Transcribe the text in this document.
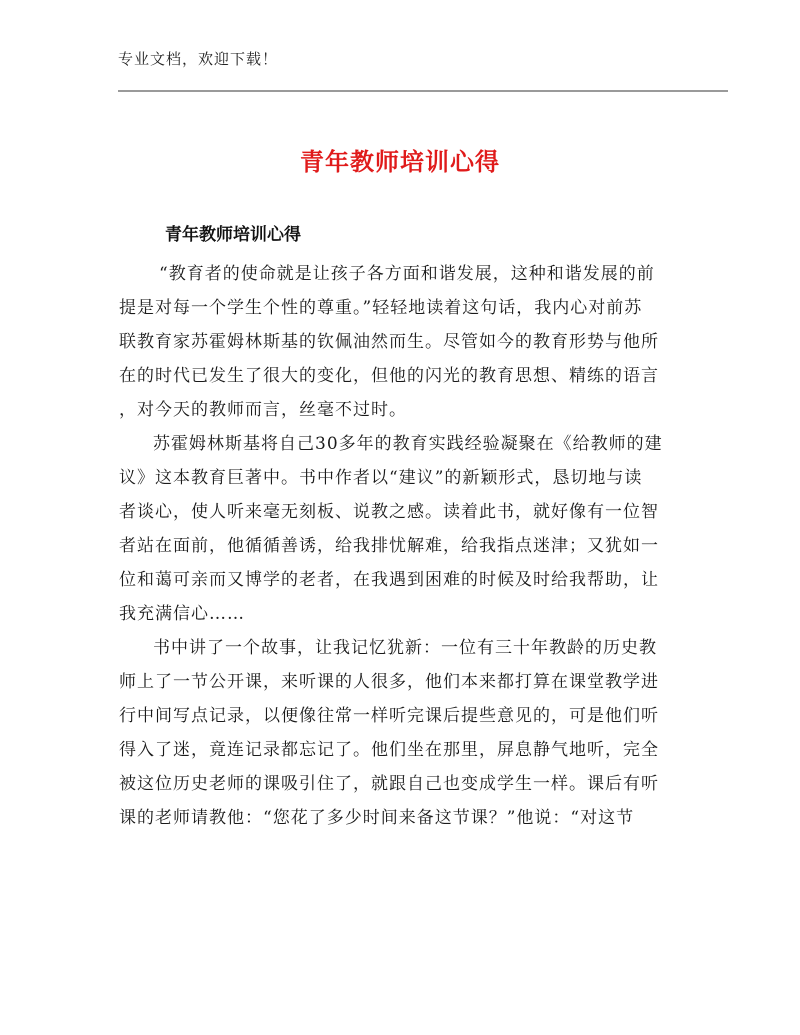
专业文档，欢迎下载！
青年教师培训心得
青年教师培训心得
“教育者的使命就是让孩子各方面和谐发展，这种和谐发展的前
提是对每一个学生个性的尊重。”轻轻地读着这句话，我内心对前苏
联教育家苏霍姆林斯基的钦佩油然而生。尽管如今的教育形势与他所
在的时代已发生了很大的变化，但他的闪光的教育思想、精练的语言
，对今天的教师而言，丝毫不过时。
苏霍姆林斯基将自己30多年的教育实践经验凝聚在《给教师的建
议》这本教育巨著中。书中作者以“建议”的新颖形式，恳切地与读
者谈心，使人听来毫无刻板、说教之感。读着此书，就好像有一位智
者站在面前，他循循善诱，给我排忧解难，给我指点迷津；又犹如一
位和蔼可亲而又博学的老者，在我遇到困难的时候及时给我帮助，让
我充满信心……
书中讲了一个故事，让我记忆犹新：一位有三十年教龄的历史教
师上了一节公开课，来听课的人很多，他们本来都打算在课堂教学进
行中间写点记录，以便像往常一样听完课后提些意见的，可是他们听
得入了迷，竟连记录都忘记了。他们坐在那里，屏息静气地听，完全
被这位历史老师的课吸引住了，就跟自己也变成学生一样。课后有听
课的老师请教他：“您花了多少时间来备这节课？”他说：“对这节
